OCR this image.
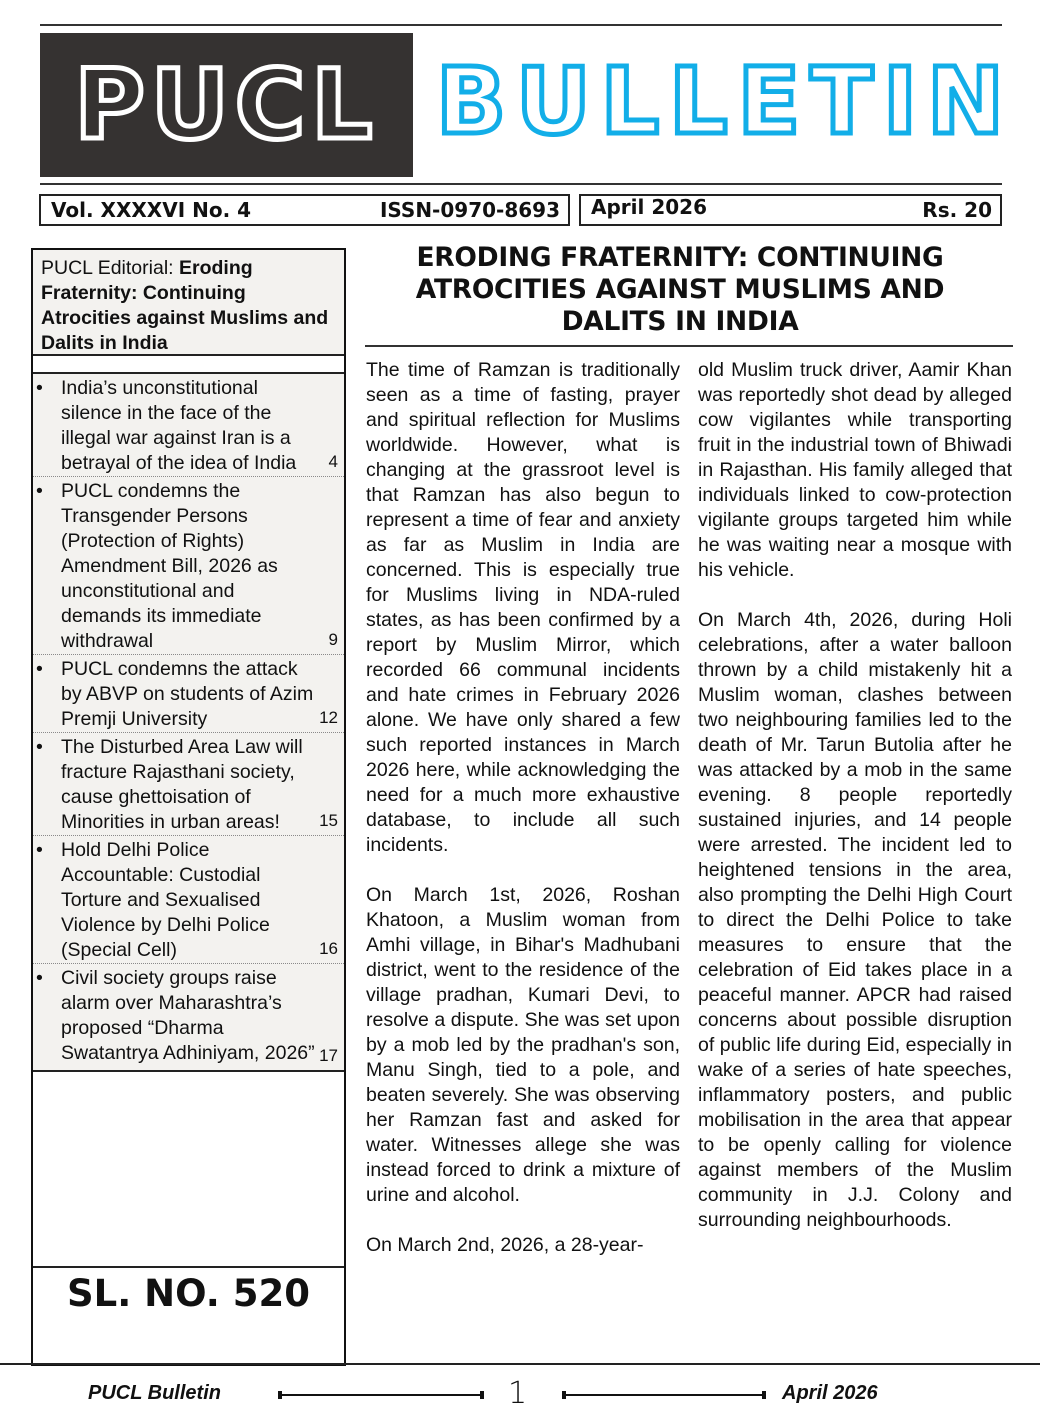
PUCL B U L L E T I N
Vol. XXXXVI No. 4	ISSN-0970-8693 April 2026	Rs. 20
PUCL Editorial: Eroding Fraternity: Continuing Atrocities against Muslims and Dalits in India
• India’s unconstitutional silence in the face of the illegal war against Iran is a betrayal of the idea of India 4
• PUCL condemns the Transgender Persons (Protection of Rights) Amendment Bill, 2026 as unconstitutional and demands its immediate withdrawal	9
• PUCL condemns the attack by ABVP on students of Azim Premji University	12
• The Disturbed Area Law will fracture Rajasthani society, cause ghettoisation of Minorities in urban areas! 15
• Hold Delhi Police Accountable: Custodial Torture and Sexualised Violence by Delhi Police (Special Cell)	16
• Civil society groups raise alarm over Maharashtra’s proposed “Dharma Swatantrya Adhiniyam, 2026” 17
SL. NO. 520
ERODING FRATERNITY: CONTINUING ATROCITIES AGAINST MUSLIMS AND DALITS IN INDIA

The time of Ramzan is traditionally seen as a time of fasting, prayer and spiritual reflection for Muslims worldwide. However, what is changing at the grassroot level is that Ramzan has also begun to represent a time of fear and anxiety as far as Muslim in India are concerned. This is especially true for Muslims living in NDA-ruled states, as has been confirmed by a report by Muslim Mirror, which recorded 66 communal incidents and hate crimes in February 2026 alone. We have only shared a few such reported instances in March 2026 here, while acknowledging the need for a much more exhaustive database, to include all such incidents.

On March 1st, 2026, Roshan Khatoon, a Muslim woman from Amhi village, in Bihar's Madhubani district, went to the residence of the village pradhan, Kumari Devi, to resolve a dispute. She was set upon by a mob led by the pradhan's son, Manu Singh, tied to a pole, and beaten severely. She was observing her Ramzan fast and asked for water. Witnesses allege she was instead forced to drink a mixture of urine and alcohol.

On March 2nd, 2026, a 28-year-

old Muslim truck driver, Aamir Khan was reportedly shot dead by alleged cow vigilantes while transporting fruit in the industrial town of Bhiwadi in Rajasthan. His family alleged that individuals linked to cow-protection vigilante groups targeted him while he was waiting near a mosque with his vehicle.

On March 4th, 2026, during Holi celebrations, after a water balloon thrown by a child mistakenly hit a Muslim woman, clashes between two neighbouring families led to the death of Mr. Tarun Butolia after he was attacked by a mob in the same evening. 8 people reportedly sustained injuries, and 14 people were arrested. The incident led to heightened tensions in the area, also prompting the Delhi High Court to direct the Delhi Police to take measures to ensure that the celebration of Eid takes place in a peaceful manner. APCR had raised concerns about possible disruption of public life during Eid, especially in wake of a series of hate speeches, inflammatory posters, and public mobilisation in the area that appear to be openly calling for violence against members of the Muslim community in J.J. Colony and surrounding neighbourhoods.

PUCL Bulletin	1	April 2026
